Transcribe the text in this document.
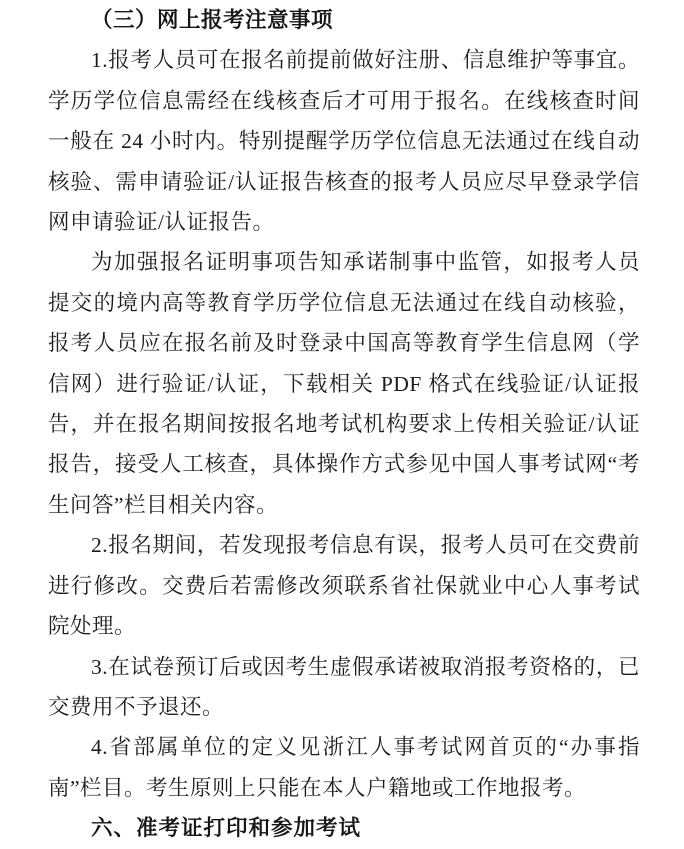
（三）网上报考注意事项

1.报考人员可在报名前提前做好注册、信息维护等事宜。学历学位信息需经在线核查后才可用于报名。在线核查时间一般在 24 小时内。特别提醒学历学位信息无法通过在线自动核验、需申请验证/认证报告核查的报考人员应尽早登录学信网申请验证/认证报告。

为加强报名证明事项告知承诺制事中监管，如报考人员提交的境内高等教育学历学位信息无法通过在线自动核验，报考人员应在报名前及时登录中国高等教育学生信息网（学信网）进行验证/认证，下载相关 PDF 格式在线验证/认证报告，并在报名期间按报名地考试机构要求上传相关验证/认证报告，接受人工核查，具体操作方式参见中国人事考试网“考生问答”栏目相关内容。

2.报名期间，若发现报考信息有误，报考人员可在交费前进行修改。交费后若需修改须联系省社保就业中心人事考试院处理。

3.在试卷预订后或因考生虚假承诺被取消报考资格的，已交费用不予退还。

4.省部属单位的定义见浙江人事考试网首页的“办事指南”栏目。考生原则上只能在本人户籍地或工作地报考。

六、准考证打印和参加考试
